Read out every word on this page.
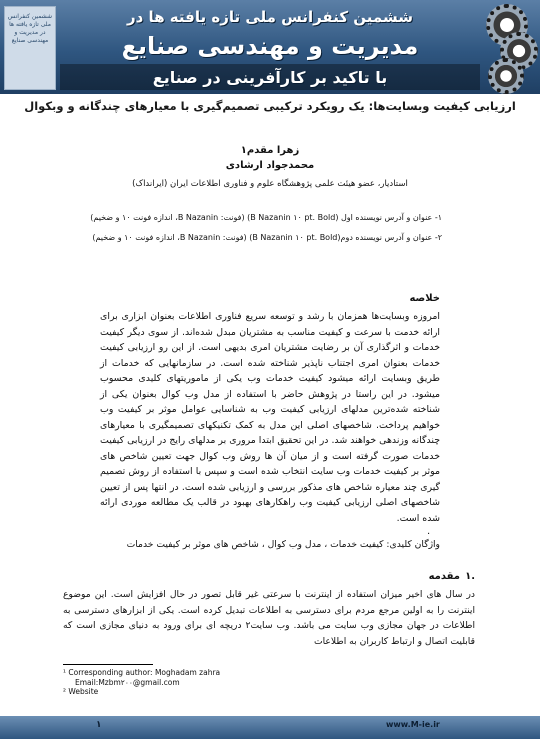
ششمین کنفرانس ملی تازه یافته ها در مدیریت و مهندسی صنایع
ششمین کنفرانس ملی تازه یافته ها در
مدیریت و مهندسی صنایع
با تاکید بر کارآفرینی در صنایع
ارزیابی کیفیت وبسایت‌ها: یک رویکرد ترکیبی تصمیم‌گیری با معیارهای چندگانه و وبکوال
زهرا مقدم۱
محمدجواد ارشادی
استادیار، عضو هیئت علمی پژوهشگاه علوم و فناوری اطلاعات ایران (ایرانداک)
۱- عنوان و آدرس نویسنده اول (B Nazanin ۱۰ pt. Bold) (فونت: B Nazanin، اندازه فونت ۱۰ و ضخیم)
۲- عنوان و آدرس نویسنده دوم(B Nazanin ۱۰ pt. Bold) (فونت: B Nazanin، اندازه فونت ۱۰ و ضخیم)
خلاصه
امروزه وبسایت‌ها همزمان با رشد و توسعه سریع فناوری اطلاعات بعنوان ابزاری برای ارائه خدمت با سرعت و کیفیت مناسب به مشتریان مبدل شده‌اند. از سوی دیگر کیفیت خدمات و اثرگذاری آن بر رضایت مشتریان امری بدیهی است. از این رو ارزیابی کیفیت خدمات بعنوان امری اجتناب ناپذیر شناخته شده است. در سازمانهایی که خدمات از طریق وبسایت ارائه میشود کیفیت خدمات وب یکی از ماموریتهای کلیدی محسوب میشود. در این راستا در پژوهش حاضر با استفاده از مدل وب کوال بعنوان یکی از شناخته شده‌ترین مدلهای ارزیابی کیفیت وب به شناسایی عوامل موثر بر کیفیت وب خواهیم پرداخت. شاخصهای اصلی این مدل به کمک تکنیکهای تصمیمگیری با معیارهای چندگانه وزندهی خواهند شد. در این تحقیق ابتدا مروری بر مدلهای رایج در ارزیابی کیفیت خدمات صورت گرفته است و از میان آن ها روش وب کوال جهت تعیین شاخص های موثر بر کیفیت خدمات وب سایت انتخاب شده است و سپس با استفاده از روش تصمیم گیری چند معیاره شاخص های مذکور بررسی و ارزیابی شده است. در انتها پس از تعیین شاخصهای اصلی ارزیابی کیفیت وب راهکارهای بهبود در قالب یک مطالعه موردی ارائه شده است.
.
واژگان کلیدی: کیفیت خدمات ، مدل وب کوال ، شاخص های موثر بر کیفیت خدمات
۱.
مقدمه
در سال های اخیر میزان استفاده از اینترنت با سرعتی غیر قابل تصور در حال افزایش است. این موضوع اینترنت را به اولین مرجع مردم برای دسترسی به اطلاعات تبدیل کرده است. یکی از ابزارهای دسترسی به اطلاعات در جهان مجازی وب سایت می باشد. وب سایت۲ دریچه ای برای ورود به دنیای مجازی است که قابلیت اتصال و ارتباط کاربران به اطلاعات
¹ Corresponding author: Moghadam zahra
Email:Mzbm۲۰۰@gmail.com
² Website
۱	www.M-ie.ir
